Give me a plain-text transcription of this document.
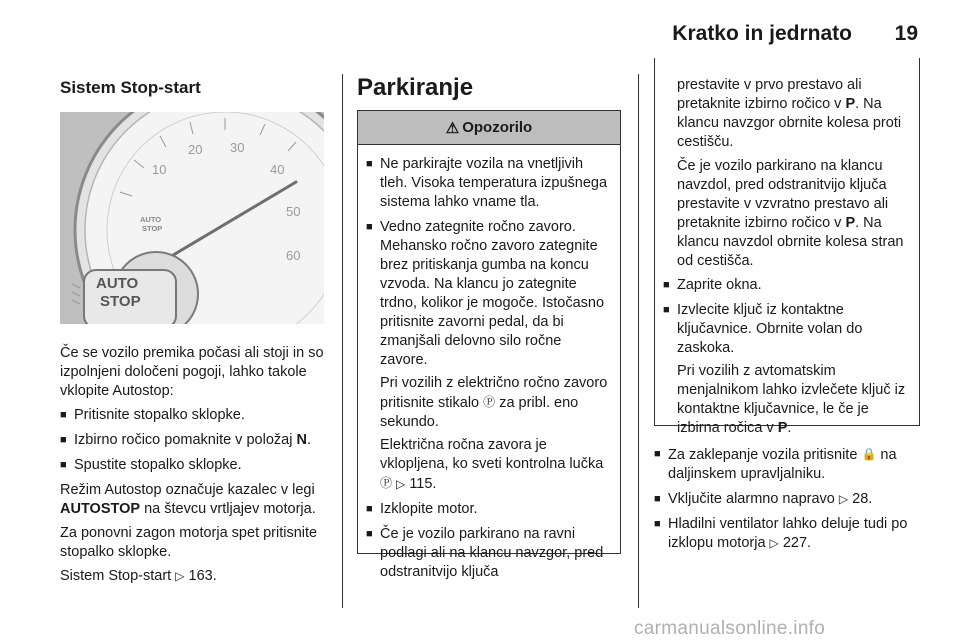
Kratko in jedrnato 19
Sistem Stop-start
10
20 30
40
50
60
AUTO
STOP
AUTO
STOP

Če se vozilo premika počasi ali stoji in so izpolnjeni določeni pogoji, lahko takole vklopite Autostop:

■ Pritisnite stopalko sklopke.
■ Izbirno ročico pomaknite v položaj N.
■ Spustite stopalko sklopke.

Režim Autostop označuje kazalec v legi AUTOSTOP na števcu vrtljajev motorja.

Za ponovni zagon motorja spet pritisnite stopalko sklopke.

Sistem Stop-start ▷ 163.

Parkiranje
⚠ Opozorilo
■ Ne parkirajte vozila na vnetljivih tleh. Visoka temperatura izpušnega sistema lahko vname tla.
■ Vedno zategnite ročno zavoro. Mehansko ročno zavoro zategnite brez pritiskanja gumba na koncu vzvoda. Na klancu jo zategnite trdno, kolikor je mogoče. Istočasno pritisnite zavorni pedal, da bi zmanjšali delovno silo ročne zavore.

Pri vozilih z električno ročno zavoro pritisnite stikalo Ⓟ za pribl. eno sekundo.

Električna ročna zavora je vklopljena, ko sveti kontrolna lučka Ⓟ ▷ 115.

■ Izklopite motor.
■ Če je vozilo parkirano na ravni podlagi ali na klancu navzgor, pred odstranitvijo ključa

prestavite v prvo prestavo ali pretaknite izbirno ročico v P. Na klancu navzgor obrnite kolesa proti cestišču.

Če je vozilo parkirano na klancu navzdol, pred odstranitvijo ključa prestavite v vzvratno prestavo ali pretaknite izbirno ročico v P. Na klancu navzdol obrnite kolesa stran od cestišča.

■ Zaprite okna.
■ Izvlecite ključ iz kontaktne ključavnice. Obrnite volan do zaskoka.

Pri vozilih z avtomatskim menjalnikom lahko izvlečete ključ iz kontaktne ključavnice, le če je izbirna ročica v P.

■ Za zaklepanje vozila pritisnite 🔒 na daljinskem upravljalniku.
■ Vključite alarmno napravo ▷ 28.
■ Hladilni ventilator lahko deluje tudi po izklopu motorja ▷ 227.
carmanualsonline.info
